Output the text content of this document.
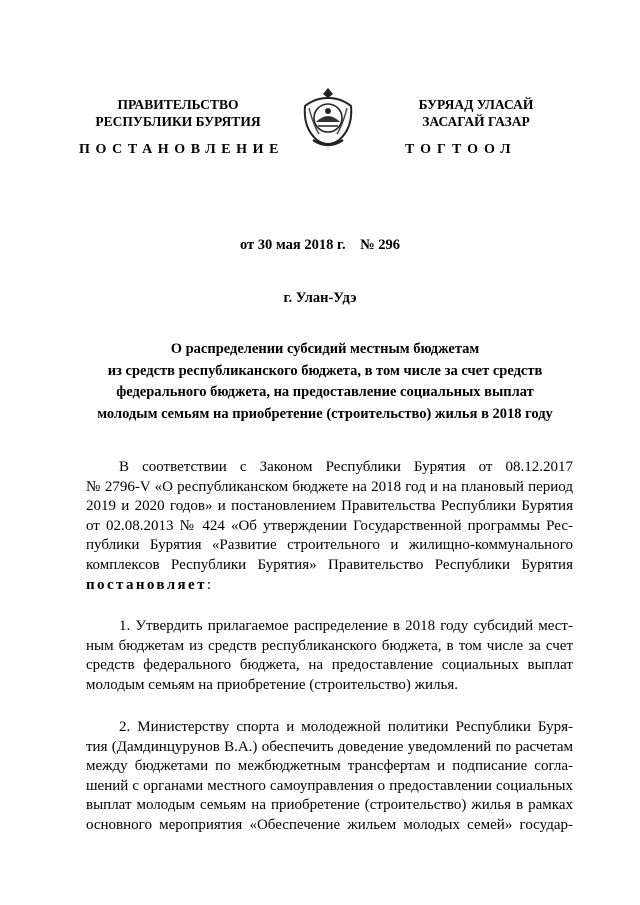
ПРАВИТЕЛЬСТВО
РЕСПУБЛИКИ БУРЯТИЯ
БУРЯАД УЛАСАЙ
ЗАСАГАЙ ГАЗАР
ПОСТАНОВЛЕНИЕ	ТОГТООЛ
от 30 мая 2018 г.    № 296
г. Улан-Удэ
О распределении субсидий местным бюджетам
из средств республиканского бюджета, в том числе за счет средств
федерального бюджета, на предоставление социальных выплат
молодым семьям на приобретение (строительство) жилья в 2018 году
В соответствии с Законом Республики Бурятия от 08.12.2017
№ 2796-V «О республиканском бюджете на 2018 год и на плановый период
2019 и 2020 годов» и постановлением Правительства Республики Бурятия
от 02.08.2013 № 424 «Об утверждении Государственной программы Рес-
публики Бурятия «Развитие строительного и жилищно-коммунального
комплексов Республики Бурятия» Правительство Республики Бурятия
постановляет:
1. Утвердить прилагаемое распределение в 2018 году субсидий мест-
ным бюджетам из средств республиканского бюджета, в том числе за счет
средств федерального бюджета, на предоставление социальных выплат
молодым семьям на приобретение (строительство) жилья.
2. Министерству спорта и молодежной политики Республики Буря-
тия (Дамдинцурунов В.А.) обеспечить доведение уведомлений по расчетам
между бюджетами по межбюджетным трансфертам и подписание согла-
шений с органами местного самоуправления о предоставлении социальных
выплат молодым семьям на приобретение (строительство) жилья в рамках
основного мероприятия «Обеспечение жильем молодых семей» государ-
